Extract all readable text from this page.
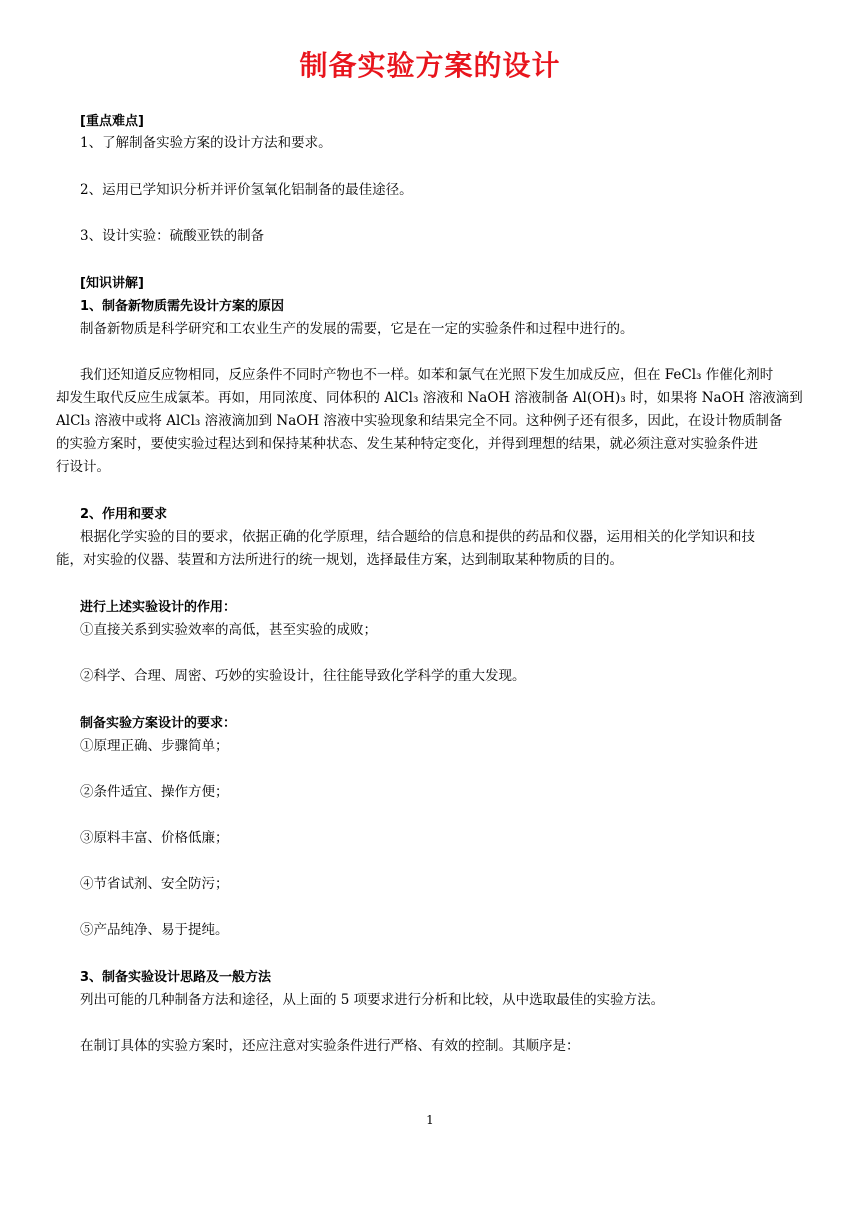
制备实验方案的设计
[重点难点]
1、了解制备实验方案的设计方法和要求。
2、运用已学知识分析并评价氢氧化铝制备的最佳途径。
3、设计实验：硫酸亚铁的制备
[知识讲解]
1、制备新物质需先设计方案的原因
制备新物质是科学研究和工农业生产的发展的需要，它是在一定的实验条件和过程中进行的。
我们还知道反应物相同，反应条件不同时产物也不一样。如苯和氯气在光照下发生加成反应，但在 FeCl₃ 作催化剂时
却发生取代反应生成氯苯。再如，用同浓度、同体积的 AlCl₃ 溶液和 NaOH 溶液制备 Al(OH)₃ 时，如果将 NaOH 溶液滴到
AlCl₃ 溶液中或将 AlCl₃ 溶液滴加到 NaOH 溶液中实验现象和结果完全不同。这种例子还有很多，因此，在设计物质制备
的实验方案时，要使实验过程达到和保持某种状态、发生某种特定变化，并得到理想的结果，就必须注意对实验条件进
行设计。
2、作用和要求
根据化学实验的目的要求，依据正确的化学原理，结合题给的信息和提供的药品和仪器，运用相关的化学知识和技
能，对实验的仪器、装置和方法所进行的统一规划，选择最佳方案，达到制取某种物质的目的。
进行上述实验设计的作用：
①直接关系到实验效率的高低，甚至实验的成败；
②科学、合理、周密、巧妙的实验设计，往往能导致化学科学的重大发现。
制备实验方案设计的要求：
①原理正确、步骤简单；
②条件适宜、操作方便；
③原料丰富、价格低廉；
④节省试剂、安全防污；
⑤产品纯净、易于提纯。
3、制备实验设计思路及一般方法
列出可能的几种制备方法和途径，从上面的 5 项要求进行分析和比较，从中选取最佳的实验方法。
在制订具体的实验方案时，还应注意对实验条件进行严格、有效的控制。其顺序是：
1
